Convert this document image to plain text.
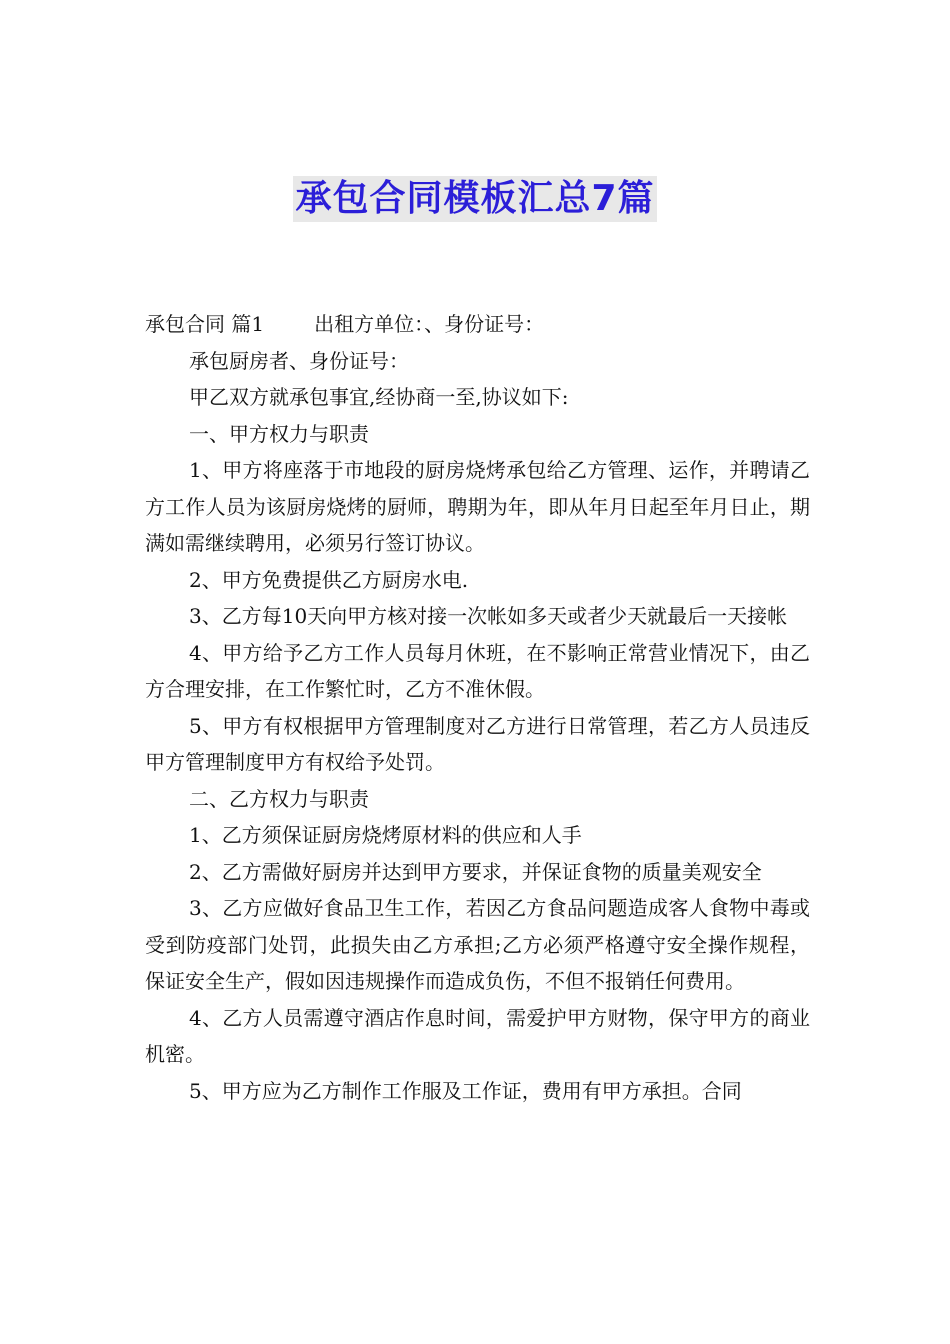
承包合同模板汇总7篇

承包合同 篇1	出租方单位：、身份证号：

承包厨房者、身份证号：

甲乙双方就承包事宜,经协商一至,协议如下:

一、甲方权力与职责

1、甲方将座落于市地段的厨房烧烤承包给乙方管理、运作，并聘请乙方工作人员为该厨房烧烤的厨师，聘期为年，即从年月日起至年月日止，期满如需继续聘用，必须另行签订协议。

2、甲方免费提供乙方厨房水电.

3、乙方每10天向甲方核对接一次帐如多天或者少天就最后一天接帐

4、甲方给予乙方工作人员每月休班，在不影响正常营业情况下，由乙方合理安排，在工作繁忙时，乙方不准休假。

5、甲方有权根据甲方管理制度对乙方进行日常管理，若乙方人员违反甲方管理制度甲方有权给予处罚。

二、乙方权力与职责

1、乙方须保证厨房烧烤原材料的供应和人手

2、乙方需做好厨房并达到甲方要求，并保证食物的质量美观安全

3、乙方应做好食品卫生工作，若因乙方食品问题造成客人食物中毒或受到防疫部门处罚，此损失由乙方承担;乙方必须严格遵守安全操作规程，保证安全生产，假如因违规操作而造成负伤，不但不报销任何费用。

4、乙方人员需遵守酒店作息时间，需爱护甲方财物，保守甲方的商业机密。

5、甲方应为乙方制作工作服及工作证，费用有甲方承担。合同
